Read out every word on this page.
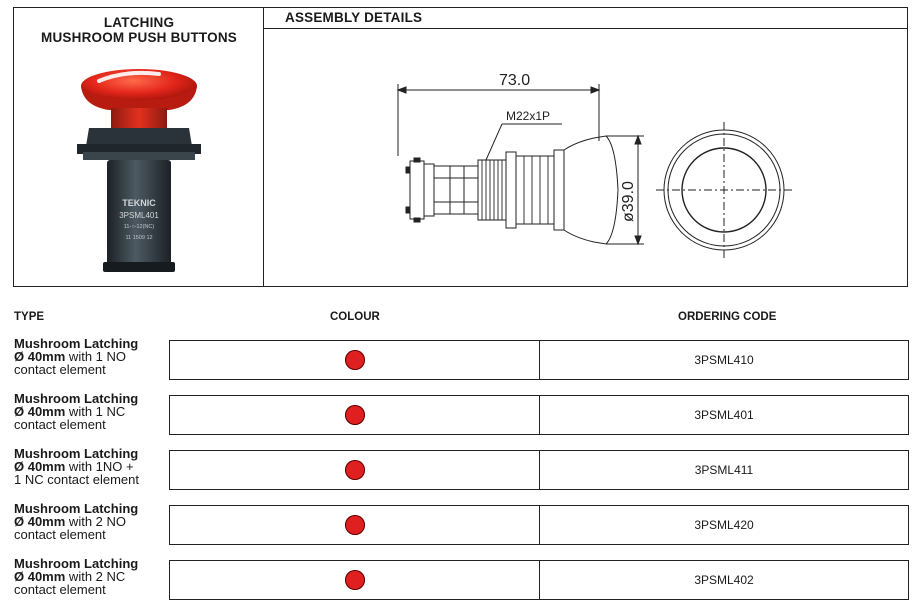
LATCHING
MUSHROOM PUSH BUTTONS
TEKNIC
3PSML401
11-○-12(NC)
11 1509 12
ASSEMBLY DETAILS
73.0
M22x1P
ø39.0
TYPE	COLOUR	ORDERING CODE
Mushroom Latching
Ø 40mm with 1 NO
contact element
3PSML410
Mushroom Latching
Ø 40mm with 1 NC
contact element
3PSML401
Mushroom Latching
Ø 40mm with 1NO +
1 NC contact element
3PSML411
Mushroom Latching
Ø 40mm with 2 NO
contact element
3PSML420
Mushroom Latching
Ø 40mm with 2 NC
contact element
3PSML402
